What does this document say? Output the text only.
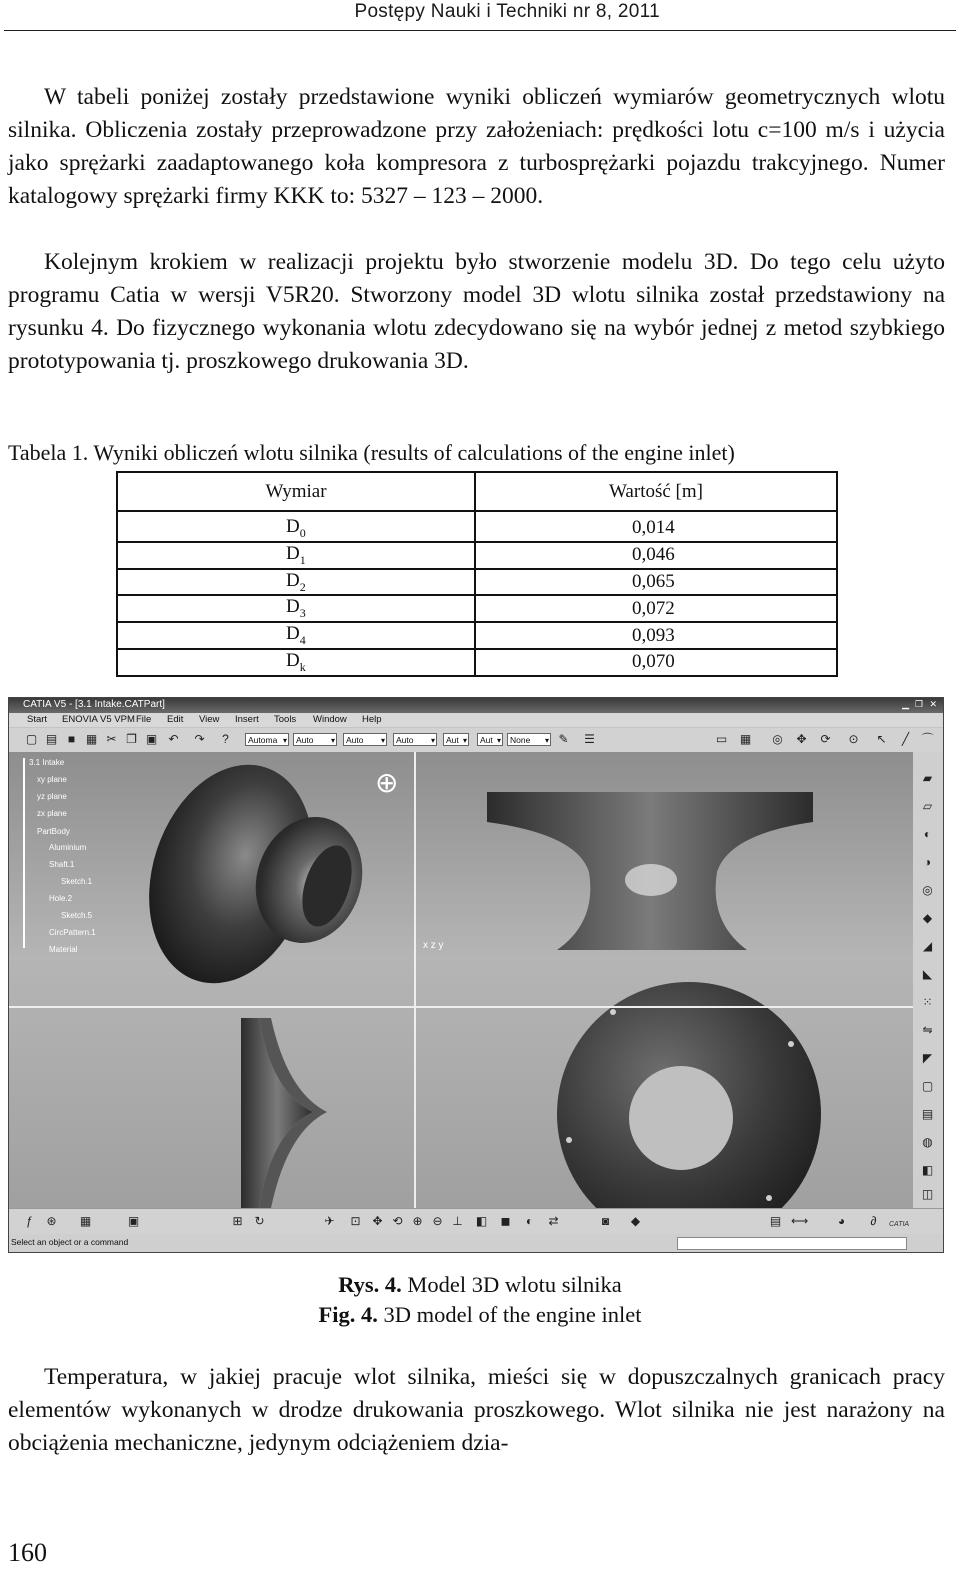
Postępy Nauki i Techniki nr 8, 2011

W tabeli poniżej zostały przedstawione wyniki obliczeń wymiarów geometrycznych wlotu silnika. Obliczenia zostały przeprowadzone przy założeniach: prędkości lotu c=100 m/s i użycia jako sprężarki zaadaptowanego koła kompresora z turbosprężarki pojazdu trakcyjnego. Numer katalogowy sprężarki firmy KKK to: 5327 – 123 – 2000.

Kolejnym krokiem w realizacji projektu było stworzenie modelu 3D. Do tego celu użyto programu Catia w wersji V5R20. Stworzony model 3D wlotu silnika został przedstawiony na rysunku 4. Do fizycznego wykonania wlotu zdecydowano się na wybór jednej z metod szybkiego prototypowania tj. proszkowego drukowania 3D.

Tabela 1. Wyniki obliczeń wlotu silnika (results of calculations of the engine inlet)
Wymiar	Wartość [m]
$D_0$	0,014
$D_1$	0,046
$D_2$	0,065
$D_3$	0,072
$D_4$	0,093
$D_k$	0,070
CATIA V5 - [3.1 Intake.CATPart]	▁ ❐ ✕
Start ENOVIA V5 VPM File Edit View Insert Tools Window Help
▢ ▤ ■ ▦ ✂ ❐ ▣ ↶ ↷ ?	Automa ▾	Auto ▾	Auto ▾	Auto ▾	Aut ▾	Aut ▾	None ▾	✎ ☰	▭ ▦ ◎ ✥ ⟳ ⊙ ↖ ╱ ⌒
3.1 Intake
xy plane
yz plane
zx plane
PartBody
Aluminium
Shaft.1
Sketch.1
Hole.2
Sketch.5
CircPattern.1
Material
⊕
x z y
▰
▱
◐
◑
◎
◆
◢
◣
⁙
⇋
◤
▢
▤
◍
◧
◫
ƒ ⊛ ▦	▣	⊞ ↻	✈ ⊡ ✥ ⟲ ⊕ ⊖ ⊥ ◧ ◼ ◐ ⇄	◙ ◆	▤ ⟷ ◕ ∂	CATIA
Select an object or a command
Rys. 4. Model 3D wlotu silnika
Fig. 4. 3D model of the engine inlet

Temperatura, w jakiej pracuje wlot silnika, mieści się w dopuszczalnych granicach pracy elementów wykonanych w drodze drukowania proszkowego. Wlot silnika nie jest narażony na obciążenia mechaniczne, jedynym odciążeniem dzia-

160
